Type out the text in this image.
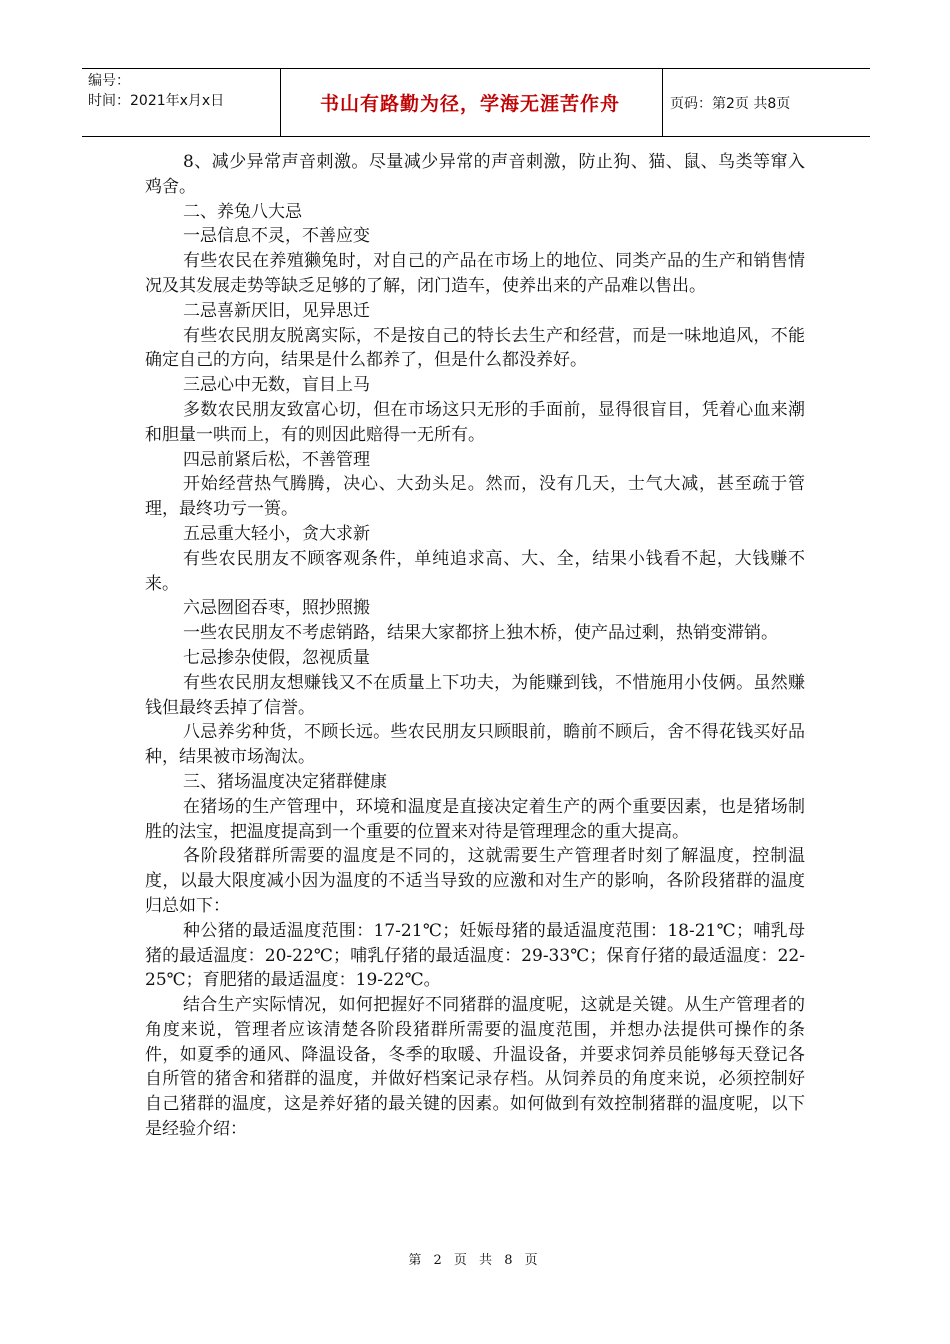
编号：
时间：2021年x月x日	书山有路勤为径，学海无涯苦作舟	页码：第2页 共8页

8、减少异常声音刺激。尽量减少异常的声音刺激，防止狗、猫、鼠、鸟类等窜入鸡舍。

二、养兔八大忌

一忌信息不灵，不善应变

有些农民在养殖獭兔时，对自己的产品在市场上的地位、同类产品的生产和销售情况及其发展走势等缺乏足够的了解，闭门造车，使养出来的产品难以售出。

二忌喜新厌旧，见异思迁

有些农民朋友脱离实际，不是按自己的特长去生产和经营，而是一味地追风，不能确定自己的方向，结果是什么都养了，但是什么都没养好。

三忌心中无数，盲目上马

多数农民朋友致富心切，但在市场这只无形的手面前，显得很盲目，凭着心血来潮和胆量一哄而上，有的则因此赔得一无所有。

四忌前紧后松，不善管理

开始经营热气腾腾，决心、大劲头足。然而，没有几天，士气大减，甚至疏于管理，最终功亏一篑。

五忌重大轻小，贪大求新

有些农民朋友不顾客观条件，单纯追求高、大、全，结果小钱看不起，大钱赚不来。

六忌囫囵吞枣，照抄照搬

一些农民朋友不考虑销路，结果大家都挤上独木桥，使产品过剩，热销变滞销。

七忌掺杂使假，忽视质量

有些农民朋友想赚钱又不在质量上下功夫，为能赚到钱，不惜施用小伎俩。虽然赚钱但最终丢掉了信誉。

八忌养劣种货，不顾长远。些农民朋友只顾眼前，瞻前不顾后，舍不得花钱买好品种，结果被市场淘汰。

三、猪场温度决定猪群健康

在猪场的生产管理中，环境和温度是直接决定着生产的两个重要因素，也是猪场制胜的法宝，把温度提高到一个重要的位置来对待是管理理念的重大提高。

各阶段猪群所需要的温度是不同的，这就需要生产管理者时刻了解温度，控制温度，以最大限度减小因为温度的不适当导致的应激和对生产的影响，各阶段猪群的温度归总如下：

种公猪的最适温度范围：17-21℃；妊娠母猪的最适温度范围：18-21℃；哺乳母猪的最适温度：20-22℃；哺乳仔猪的最适温度：29-33℃；保育仔猪的最适温度：22-25℃；育肥猪的最适温度：19-22℃。

结合生产实际情况，如何把握好不同猪群的温度呢，这就是关键。从生产管理者的角度来说，管理者应该清楚各阶段猪群所需要的温度范围，并想办法提供可操作的条件，如夏季的通风、降温设备，冬季的取暖、升温设备，并要求饲养员能够每天登记各自所管的猪舍和猪群的温度，并做好档案记录存档。从饲养员的角度来说，必须控制好自己猪群的温度，这是养好猪的最关键的因素。如何做到有效控制猪群的温度呢，以下是经验介绍：

第 2 页 共 8 页
